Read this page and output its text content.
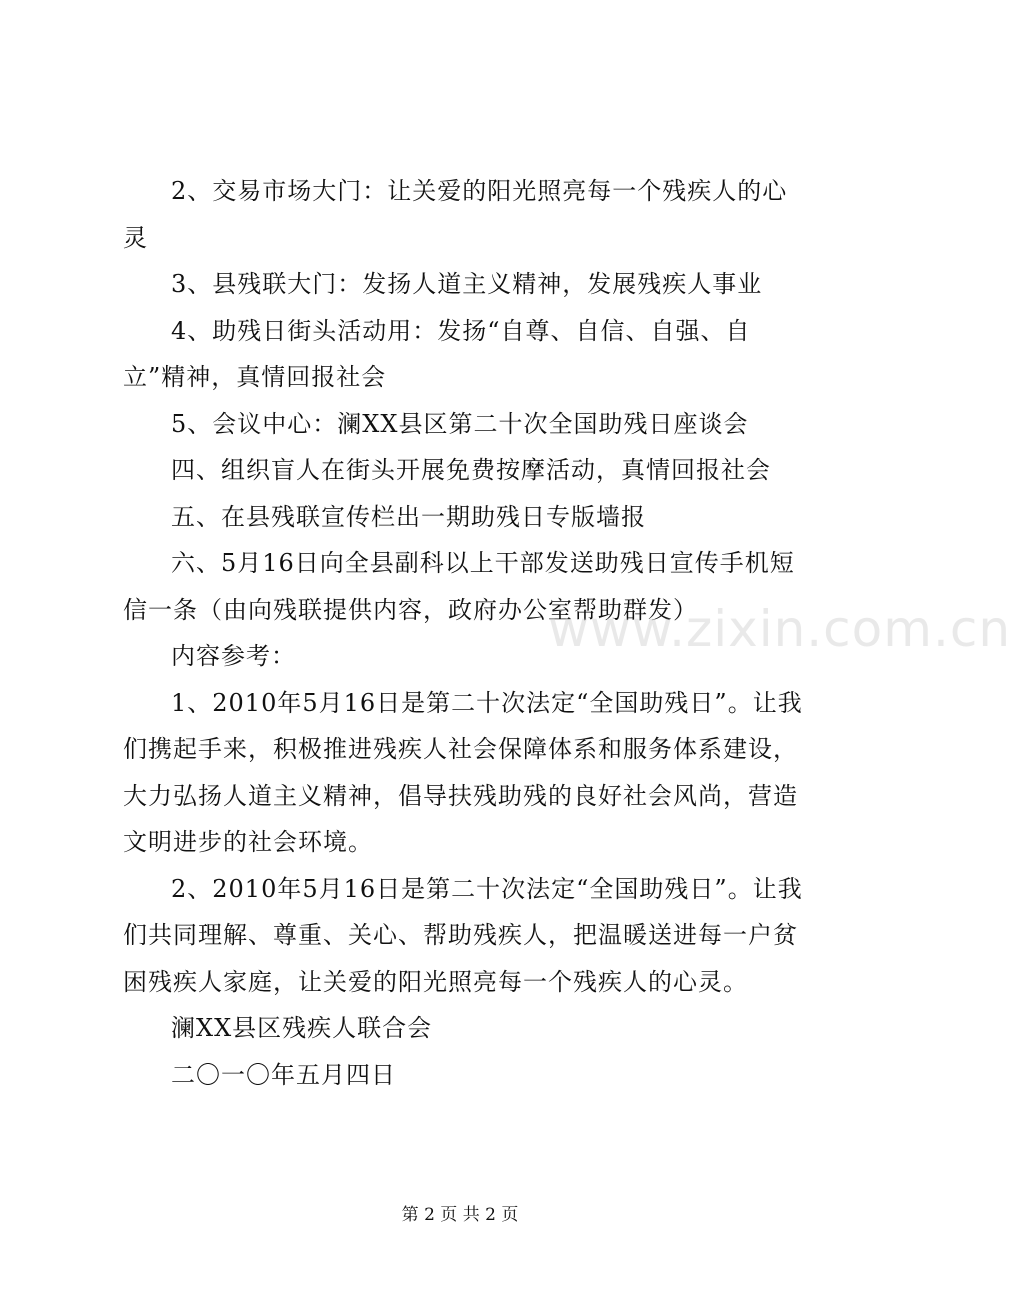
2、交易市场大门：让关爱的阳光照亮每一个残疾人的心灵

3、县残联大门：发扬人道主义精神，发展残疾人事业

4、助残日街头活动用：发扬“自尊、自信、自强、自立”精神，真情回报社会

5、会议中心：澜XX县区第二十次全国助残日座谈会

四、组织盲人在街头开展免费按摩活动，真情回报社会

五、在县残联宣传栏出一期助残日专版墙报

六、5月16日向全县副科以上干部发送助残日宣传手机短信一条（由向残联提供内容，政府办公室帮助群发）

内容参考：

1、2010年5月16日是第二十次法定“全国助残日”。让我们携起手来，积极推进残疾人社会保障体系和服务体系建设，大力弘扬人道主义精神，倡导扶残助残的良好社会风尚，营造文明进步的社会环境。

2、2010年5月16日是第二十次法定“全国助残日”。让我们共同理解、尊重、关心、帮助残疾人，把温暖送进每一户贫困残疾人家庭，让关爱的阳光照亮每一个残疾人的心灵。

澜XX县区残疾人联合会

二〇一〇年五月四日

www.zixin.com.cn
第 2 页 共 2 页
